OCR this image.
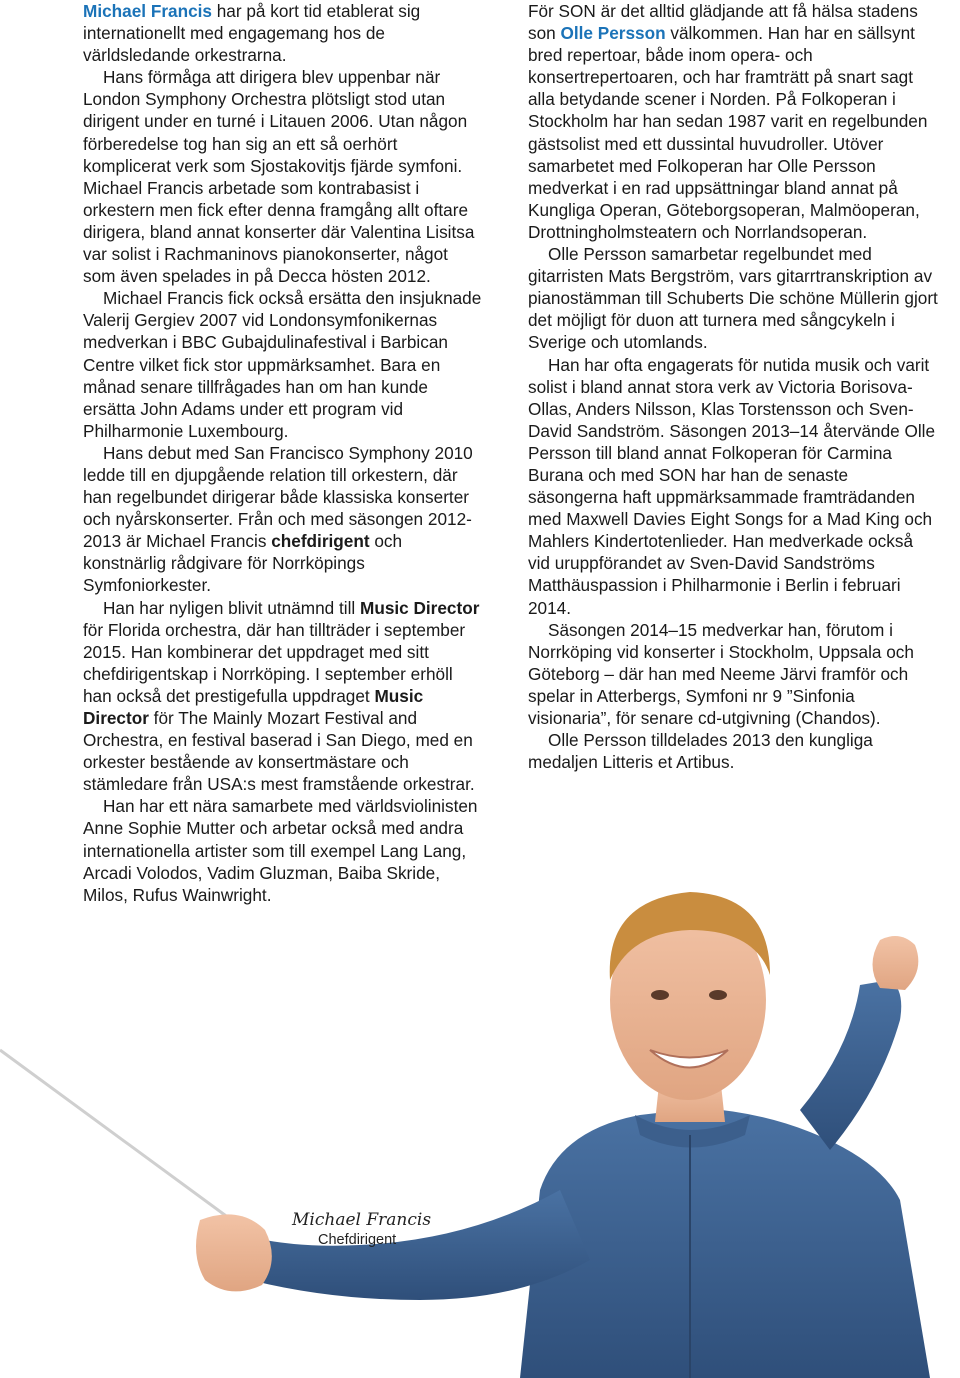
Michael Francis har på kort tid etablerat sig internationellt med engagemang hos de världsledande orkestrarna.

Hans förmåga att dirigera blev uppenbar när London Symphony Orchestra plötsligt stod utan dirigent under en turné i Litauen 2006. Utan någon förberedelse tog han sig an ett så oerhört komplicerat verk som Sjostakovitjs fjärde symfoni. Michael Francis arbetade som kontrabasist i orkestern men fick efter denna framgång allt oftare dirigera, bland annat konserter där Valentina Lisitsa var solist i Rachmaninovs pianokonserter, något som även spelades in på Decca hösten 2012.

Michael Francis fick också ersätta den insjuknade Valerij Gergiev 2007 vid Londonsymfonikernas medverkan i BBC Gubajdulinafestival i Barbican Centre vilket fick stor uppmärksamhet. Bara en månad senare tillfrågades han om han kunde ersätta John Adams under ett program vid Philharmonie Luxembourg.

Hans debut med San Francisco Symphony 2010 ledde till en djupgående relation till orkestern, där han regelbundet dirigerar både klassiska konserter och nyårskonserter. Från och med säsongen 2012-2013 är Michael Francis chefdirigent och konstnärlig rådgivare för Norrköpings Symfoniorkester.

Han har nyligen blivit utnämnd till Music Director för Florida orchestra, där han tillträder i september 2015. Han kombinerar det uppdraget med sitt chefdirigentskap i Norrköping. I september erhöll han också det prestigefulla uppdraget Music Director för The Mainly Mozart Festival and Orchestra, en festival baserad i San Diego, med en orkester bestående av konsertmästare och stämledare från USA:s mest framstående orkestrar.

Han har ett nära samarbete med världsviolinisten Anne Sophie Mutter och arbetar också med andra internationella artister som till exempel Lang Lang, Arcadi Volodos, Vadim Gluzman, Baiba Skride, Milos, Rufus Wainwright.

För SON är det alltid glädjande att få hälsa stadens son Olle Persson välkommen. Han har en sällsynt bred repertoar, både inom opera- och konsertrepertoaren, och har framträtt på snart sagt alla betydande scener i Norden. På Folkoperan i Stockholm har han sedan 1987 varit en regelbunden gästsolist med ett dussintal huvudroller. Utöver samarbetet med Folkoperan har Olle Persson medverkat i en rad uppsättningar bland annat på Kungliga Operan, Göteborgsoperan, Malmöoperan, Drottningholmsteatern och Norrlandsoperan.

Olle Persson samarbetar regelbundet med gitarristen Mats Bergström, vars gitarrtranskription av pianostämman till Schuberts Die schöne Müllerin gjort det möjligt för duon att turnera med sångcykeln i Sverige och utomlands.

Han har ofta engagerats för nutida musik och varit solist i bland annat stora verk av Victoria Borisova-Ollas, Anders Nilsson, Klas Torstensson och Sven-David Sandström. Säsongen 2013–14 återvände Olle Persson till bland annat Folkoperan för Carmina Burana och med SON har han de senaste säsongerna haft uppmärksammade framträdanden med Maxwell Davies Eight Songs for a Mad King och Mahlers Kindertotenlieder. Han medverkade också vid uruppförandet av Sven-David Sandströms Matthäuspassion i Philharmonie i Berlin i februari 2014.

Säsongen 2014–15 medverkar han, förutom i Norrköping vid konserter i Stockholm, Uppsala och Göteborg – där han med Neeme Järvi framför och spelar in Atterbergs, Symfoni nr 9 ”Sinfonia visionaria”, för senare cd-utgivning (Chandos).

Olle Persson tilldelades 2013 den kungliga medaljen Litteris et Artibus.

Michael Francis
Chefdirigent
